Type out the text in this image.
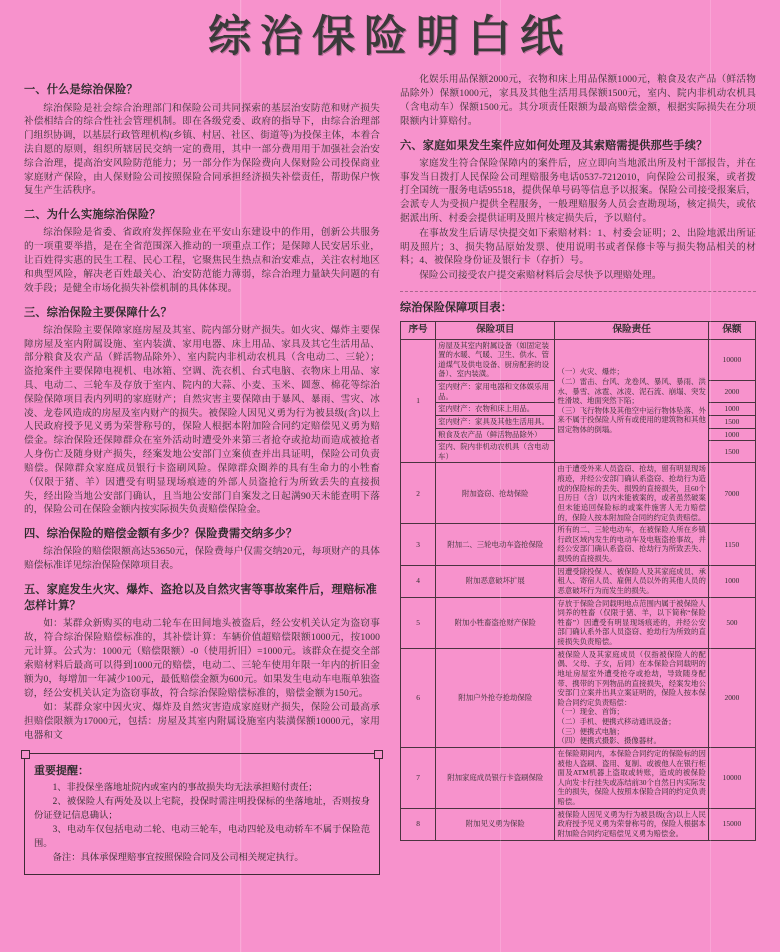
综治保险明白纸
一、什么是综治保险？

综治保险是社会综合治理部门和保险公司共同探索的基层治安防范和财产损失补偿相结合的综合性社会管理机制。即在各级党委、政府的指导下，由综合治理部门组织协调，以基层行政管理机构(乡镇、村居、社区、街道等)为投保主体，本着合法自愿的原则，组织所辖居民交纳一定的费用，其中一部分费用用于加强社会治安综合治理，提高治安风险防范能力；另一部分作为保险费向人保财险公司投保商业家庭财产保险，由人保财险公司按照保险合同承担经济损失补偿责任，帮助保户恢复生产生活秩序。

二、为什么实施综治保险？

综治保险是省委、省政府发挥保险业在平安山东建设中的作用，创新公共服务的一项重要举措，是在全省范围深入推动的一项重点工作；是保障人民安居乐业，让百姓得实惠的民生工程、民心工程，它聚焦民生热点和治安难点，关注农村地区和典型风险，解决老百姓最关心、治安防范能力薄弱，综合治理力量缺失问题的有效手段；是健全市场化损失补偿机制的具体体现。

三、综治保险主要保障什么？

综治保险主要保障家庭房屋及其室、院内部分财产损失。如火灾、爆炸主要保障房屋及室内附属设施、室内装潢、家用电器、床上用品、家具及其它生活用品、部分粮食及农产品（鲜活物品除外）、室内院内非机动农机具（含电动二、三轮）；盗抢案件主要保障电视机、电冰箱、空调、洗衣机、台式电脑、衣物床上用品、家具、电动二、三轮车及存放于室内、院内的大蒜、小麦、玉米、圆葱、棉花等综治保险保障项目表内列明的家庭财产；自然灾害主要保障由于暴风、暴雨、雪灾、冰凌、龙卷风造成的房屋及室内财产的损失。被保险人因见义勇为行为被县级(含)以上人民政府授予见义勇为荣誉称号的，保险人根据本附加险合同约定赔偿见义勇为赔偿金。综治保险还保障群众在室外活动时遭受外来第三者抢夺或抢劫而造成被抢者人身伤亡及随身财产损失，经案发地公安部门立案侦查并出具证明，保险公司负责赔偿。保障群众家庭成员银行卡盗刷风险。保障群众圈养的具有生命力的小牲畜（仅限于猪、羊）因遭受有明显现场痕迹的外部人员盗抢行为所致丢失的直接损失，经出险当地公安部门确认，且当地公安部门自案发之日起满90天未能查明下落的，保险公司在保险金额内按实际损失负责赔偿保险金。

四、综治保险的赔偿金额有多少？保险费需交纳多少？

综治保险的赔偿限额高达53650元，保险费每户仅需交纳20元，每项财产的具体赔偿标准详见综治保险保障项目表。

五、家庭发生火灾、爆炸、盗抢以及自然灾害等事故案件后，理赔标准怎样计算？

如：某群众新购买的电动二轮车在田间地头被盗后，经公安机关认定为盗窃事故，符合综治保险赔偿标准的，其补偿计算：车辆价值超赔偿限额1000元，按1000元计算。公式为：1000元（赔偿限额）-0（使用折旧）=1000元。该群众在提交全部索赔材料后最高可以得到1000元的赔偿，电动二、三轮车使用年限一年内的折旧金额为0，每增加一年减少100元，最低赔偿金额为600元。如果发生电动车电瓶单独盗窃，经公安机关认定为盗窃事故，符合综治保险赔偿标准的，赔偿金额为150元。

如：某群众家中因火灾、爆炸及自然灾害造成家庭财产损失，保险公司最高承担赔偿限额为17000元，包括：房屋及其室内附属设施室内装潢保额10000元，家用电器和文

重要提醒：

1、非投保坐落地址院内或室内的事故损失均无法承担赔付责任；

2、被保险人有两处及以上宅院，投保时需注明投保标的坐落地址，否则按身份证登记信息确认；

3、电动车仅包括电动二轮、电动三轮车，电动四轮及电动轿车不属于保险范围。

备注：具体承保理赔事宜按照保险合同及公司相关规定执行。

化娱乐用品保额2000元，衣物和床上用品保额1000元，粮食及农产品（鲜活物品除外）保额1000元，家具及其他生活用具保额1500元，室内、院内非机动农机具（含电动车）保额1500元。其分项责任限额为最高赔偿金额，根据实际损失在分项限额内计算赔付。

六、家庭如果发生案件应如何处理及其索赔需提供那些手续？

家庭发生符合保险保障内的案件后，应立即向当地派出所及村干部报告，并在事发当日拨打人民保险公司理赔服务电话0537-7212010，向保险公司报案，或者拨打全国统一服务电话95518，提供保单号码等信息予以报案。保险公司接受报案后，会派专人为受损户提供全程服务，一般理赔服务人员会查勘现场，核定损失，或依据派出所、村委会提供证明及照片核定损失后，予以赔付。

在事故发生后请尽快提交如下索赔材料：1、村委会证明；2、出险地派出所证明及照片；3、损失物品原始发票、使用说明书或者保修卡等与损失物品相关的材料；4、被保险身份证及银行卡（存折）号。

保险公司接受农户提交索赔材料后会尽快予以理赔处理。

综治保险保障项目表：
序号	保险项目	保险责任	保额
1	房屋及其室内附属设备（如固定装置的水暖、气暖、卫生、供水、管道煤气及供电设备、厨房配套的设备）、室内装潢。	（一）火灾、爆炸；
（二）雷击、台风、龙卷风、暴风、暴雨、洪水、暴雪、冰雹、冰凌、泥石流、崩塌、突发性滑坡、地面突然下陷；
（三）飞行物体及其他空中运行物体坠落、外来不属于投保险人所有或使用的建筑物和其他固定物体的倒塌。	10000
	室内财产：家用电器和文体娱乐用品。		2000
	室内财产：衣物和床上用品。		1000
	室内财产：家具及其他生活用具。		1500
	粮食及农产品（鲜活物品除外）		1000
	室内、院内非机动农机具（含电动车）		1500
2	附加盗窃、抢劫保险	由于遭受外来人员盗窃、抢劫，留有明显现场痕迹，并经公安部门确认系盗窃、抢劫行为造成的保险标的丢失、损毁的直接损失，且60个日历日（含）以内未能被案的，或者虽然破案但未能追回保险标的或案件施害人无力赔偿的，保险人按本附加险合同的约定负责赔偿。	7000
3	附加二、三轮电动车盗抢保险	所有的二、三轮电动车，在被保险人所在乡镇行政区域内发生的电动车及电瓶盗抢事故，并经公安部门确认系盗窃、抢劫行为所致丢失、损毁的直接损失。	1150
4	附加恶意破坏扩展	因遭受除投保人、被保险人及其家庭成员、承租人、寄宿人员、雇佣人员以外的其他人员的恶意破坏行为而发生的损失。	1000
5	附加小牲畜盗抢财产保险	存放于保险合同载明地点范围内属于被保险人饲养的牲畜（仅限于猪、羊，以下简称“保险牲畜”）因遭受有明显现场痕迹的，并经公安部门确认系外部人员盗窃、抢劫行为所致的直接损失负责赔偿。	500
6	附加户外抢夺抢劫保险	被保险人及其家庭成员（仅指被保险人的配偶、父母、子女，后同）在本保险合同载明的地址房屋室外遭受抢夺或抢劫，导致随身配带、携带的下列物品的直接损失，经案发地公安部门立案并出具立案证明的，保险人按本保险合同约定负责赔偿：
（一）现金、首饰；
（二）手机、便携式移动通讯设备；
（三）便携式电脑；
（四）便携式摄影、摄像器材。	2000
7	附加家庭成员银行卡盗刷保险	在保险期间内，本保险合同约定的保险标的因被他人盗刷、盗用、复制、或被他人在银行柜面及ATM机器上盗取或转账，造成的被保险人向发卡行挂失或冻结前30个自然日内实际发生的损失，保险人按照本保险合同的约定负责赔偿。	10000
8	附加见义勇为保险	被保险人因见义勇为行为被县级(含)以上人民政府授予见义勇为荣誉称号的，保险人根据本附加险合同约定赔偿见义勇为赔偿金。	15000
